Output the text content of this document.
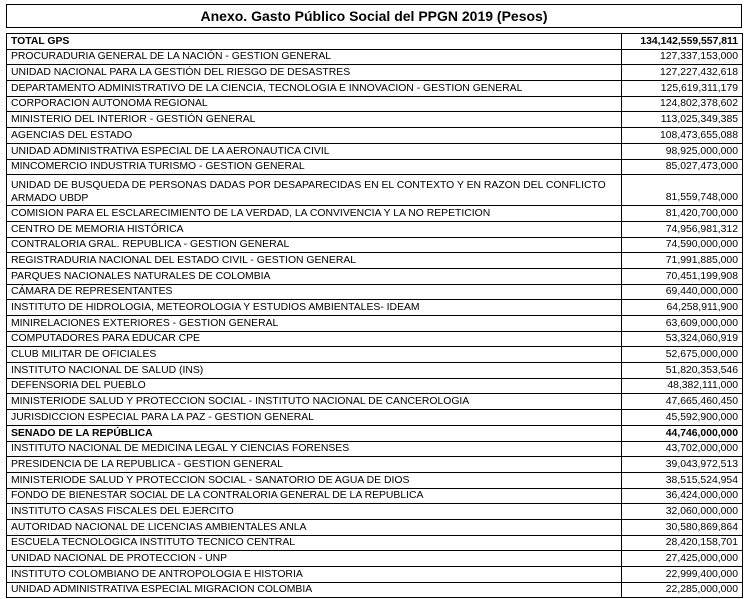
Anexo. Gasto Público Social del PPGN 2019 (Pesos)
TOTAL GPS	134,142,559,557,811
PROCURADURIA GENERAL DE LA NACIÓN - GESTION GENERAL	127,337,153,000
UNIDAD NACIONAL PARA LA GESTIÓN DEL RIESGO DE DESASTRES	127,227,432,618
DEPARTAMENTO ADMINISTRATIVO DE LA CIENCIA, TECNOLOGIA E INNOVACION - GESTION GENERAL	125,619,311,179
CORPORACION AUTONOMA REGIONAL	124,802,378,602
MINISTERIO DEL INTERIOR - GESTIÓN GENERAL	113,025,349,385
AGENCIAS DEL ESTADO	108,473,655,088
UNIDAD ADMINISTRATIVA ESPECIAL DE LA AERONAUTICA CIVIL	98,925,000,000
MINCOMERCIO INDUSTRIA TURISMO - GESTION GENERAL	85,027,473,000
UNIDAD DE BUSQUEDA DE PERSONAS DADAS POR DESAPARECIDAS EN EL CONTEXTO Y EN RAZON DEL CONFLICTO ARMADO UBDP	81,559,748,000
COMISION PARA EL ESCLARECIMIENTO DE LA VERDAD, LA CONVIVENCIA Y LA NO REPETICION	81,420,700,000
CENTRO DE MEMORIA HISTÓRICA	74,956,981,312
CONTRALORIA GRAL. REPUBLICA - GESTION GENERAL	74,590,000,000
REGISTRADURIA NACIONAL DEL ESTADO CIVIL - GESTION GENERAL	71,991,885,000
PARQUES NACIONALES NATURALES DE COLOMBIA	70,451,199,908
CÁMARA DE REPRESENTANTES	69,440,000,000
INSTITUTO DE HIDROLOGIA, METEOROLOGIA Y ESTUDIOS AMBIENTALES- IDEAM	64,258,911,900
MINIRELACIONES EXTERIORES - GESTION GENERAL	63,609,000,000
COMPUTADORES PARA EDUCAR CPE	53,324,060,919
CLUB MILITAR DE OFICIALES	52,675,000,000
INSTITUTO NACIONAL DE SALUD (INS)	51,820,353,546
DEFENSORIA DEL PUEBLO	48,382,111,000
MINISTERIODE SALUD Y PROTECCION SOCIAL - INSTITUTO NACIONAL DE CANCEROLOGIA	47,665,460,450
JURISDICCION ESPECIAL PARA LA PAZ - GESTION GENERAL	45,592,900,000
SENADO DE LA REPÚBLICA	44,746,000,000
INSTITUTO NACIONAL DE MEDICINA LEGAL Y CIENCIAS FORENSES	43,702,000,000
PRESIDENCIA DE LA REPUBLICA - GESTION GENERAL	39,043,972,513
MINISTERIODE SALUD Y PROTECCION SOCIAL - SANATORIO DE AGUA DE DIOS	38,515,524,954
FONDO DE BIENESTAR SOCIAL DE LA CONTRALORIA GENERAL DE LA REPUBLICA	36,424,000,000
INSTITUTO CASAS FISCALES DEL EJERCITO	32,060,000,000
AUTORIDAD NACIONAL DE LICENCIAS AMBIENTALES ANLA	30,580,869,864
ESCUELA TECNOLOGICA INSTITUTO TECNICO CENTRAL	28,420,158,701
UNIDAD NACIONAL DE PROTECCION - UNP	27,425,000,000
INSTITUTO COLOMBIANO DE ANTROPOLOGIA E HISTORIA	22,999,400,000
UNIDAD ADMINISTRATIVA ESPECIAL MIGRACION COLOMBIA	22,285,000,000
